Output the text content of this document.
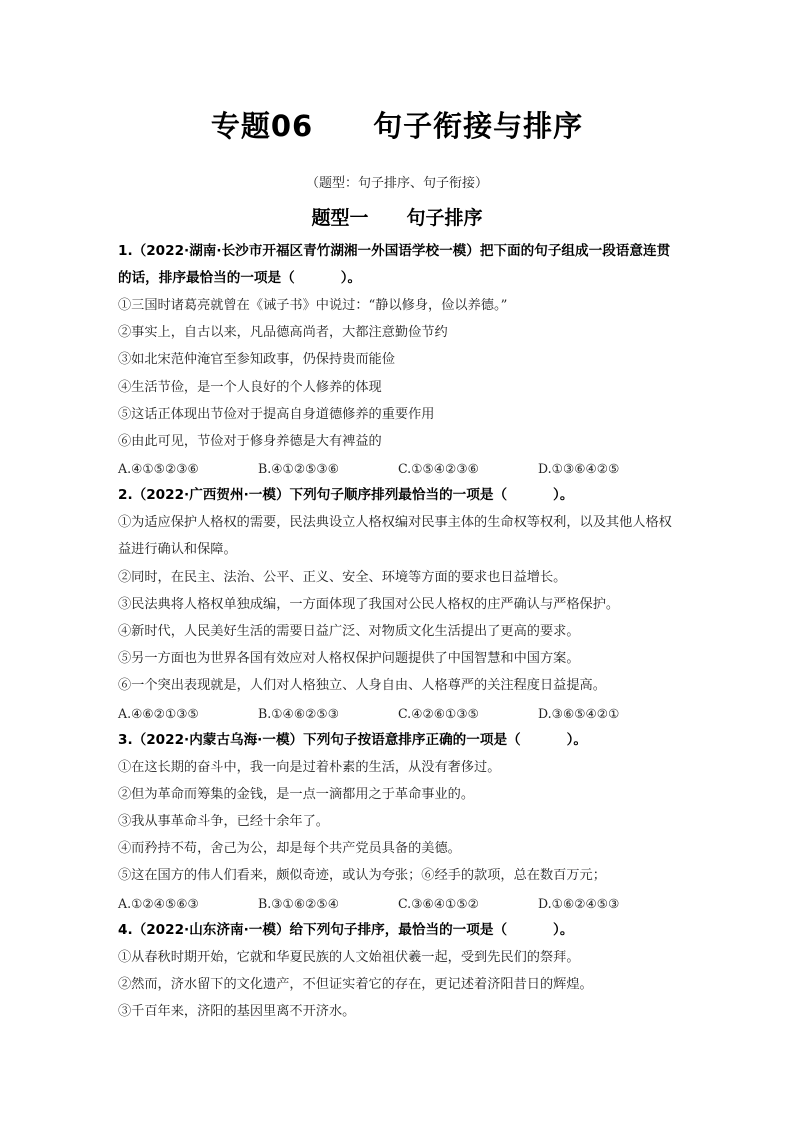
专题06　　句子衔接与排序
（题型：句子排序、句子衔接）
题型一　　句子排序
1.（2022·湖南·长沙市开福区青竹湖湘一外国语学校一模）把下面的句子组成一段语意连贯的话，排序最恰当的一项是（	）。
①三国时诸葛亮就曾在《诫子书》中说过：“静以修身，俭以养德。”
②事实上，自古以来，凡品德高尚者，大都注意勤俭节约
③如北宋范仲淹官至参知政事，仍保持贵而能俭
④生活节俭，是一个人良好的个人修养的体现
⑤这话正体现出节俭对于提高自身道德修养的重要作用
⑥由此可见，节俭对于修身养德是大有裨益的
A.④①⑤②③⑥	B.④①②⑤③⑥	C.①⑤④②③⑥	D.①③⑥④②⑤
2.（2022·广西贺州·一模）下列句子顺序排列最恰当的一项是（	）。
①为适应保护人格权的需要，民法典设立人格权编对民事主体的生命权等权利，以及其他人格权益进行确认和保障。
②同时，在民主、法治、公平、正义、安全、环境等方面的要求也日益增长。
③民法典将人格权单独成编，一方面体现了我国对公民人格权的庄严确认与严格保护。
④新时代，人民美好生活的需要日益广泛、对物质文化生活提出了更高的要求。
⑤另一方面也为世界各国有效应对人格权保护问题提供了中国智慧和中国方案。
⑥一个突出表现就是，人们对人格独立、人身自由、人格尊严的关注程度日益提高。
A.④⑥②①③⑤	B.①④⑥②⑤③	C.④②⑥①③⑤	D.③⑥⑤④②①
3.（2022·内蒙古乌海·一模）下列句子按语意排序正确的一项是（	）。
①在这长期的奋斗中，我一向是过着朴素的生活，从没有奢侈过。
②但为革命而筹集的金钱，是一点一滴都用之于革命事业的。
③我从事革命斗争，已经十余年了。
④而矜持不苟，舍己为公，却是每个共产党员具备的美德。
⑤这在国方的伟人们看来，颇似奇迹，或认为夸张；⑥经手的款项，总在数百万元；
A.①②④⑤⑥③	B.③①⑥②⑤④	C.③⑥④①⑤②	D.①⑥②④⑤③
4.（2022·山东济南·一模）给下列句子排序，最恰当的一项是（	）。
①从春秋时期开始，它就和华夏民族的人文始祖伏羲一起，受到先民们的祭拜。
②然而，济水留下的文化遗产，不但证实着它的存在，更记述着济阳昔日的辉煌。
③千百年来，济阳的基因里离不开济水。
